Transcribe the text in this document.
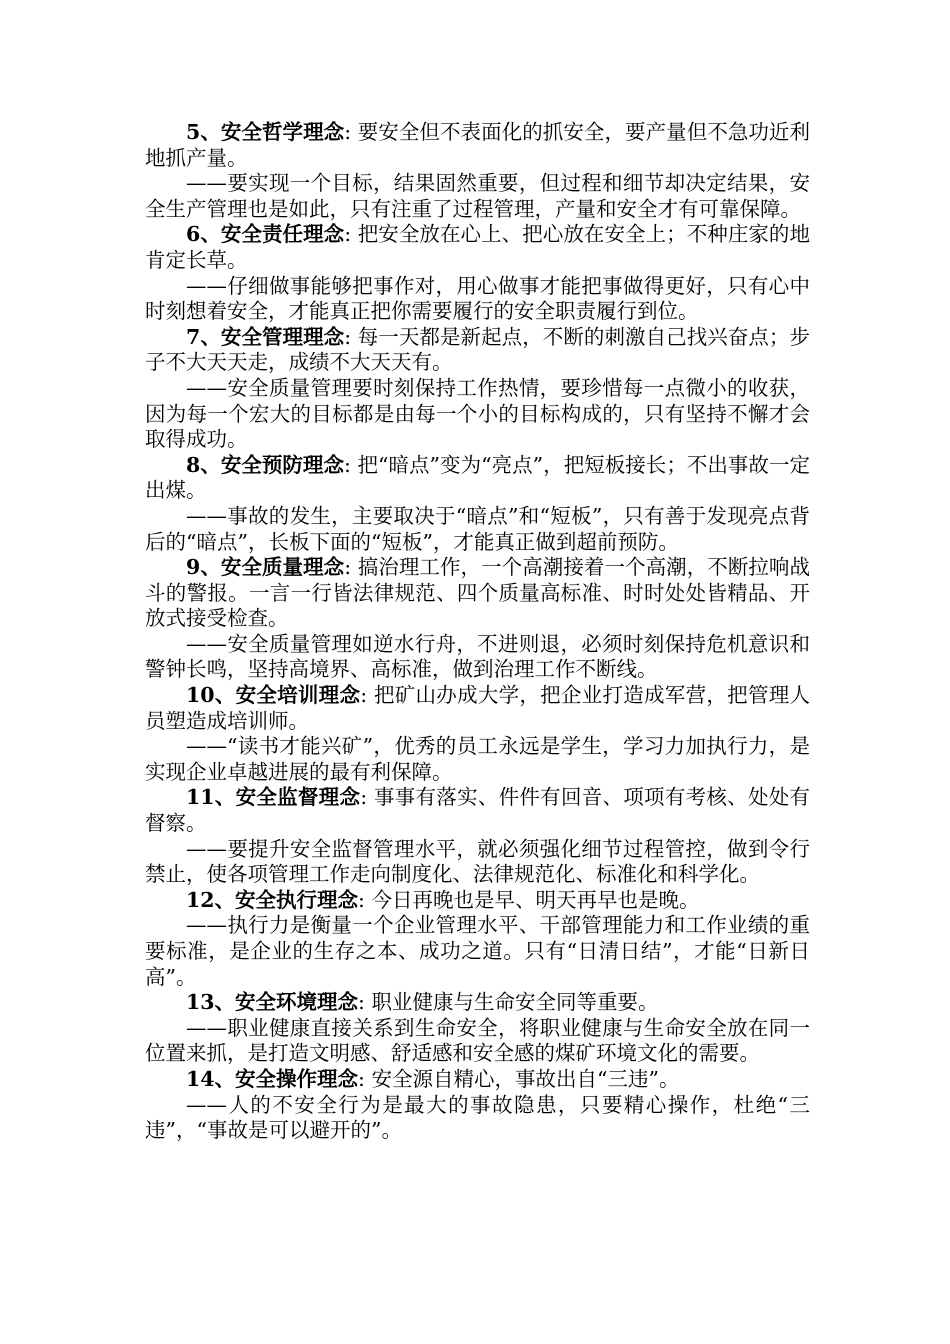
5、安全哲学理念: 要安全但不表面化的抓安全，要产量但不急功近利地抓产量。

——要实现一个目标，结果固然重要，但过程和细节却决定结果，安全生产管理也是如此，只有注重了过程管理，产量和安全才有可靠保障。

6、安全责任理念: 把安全放在心上、把心放在安全上；不种庄家的地肯定长草。

——仔细做事能够把事作对，用心做事才能把事做得更好，只有心中时刻想着安全，才能真正把你需要履行的安全职责履行到位。

7、安全管理理念: 每一天都是新起点，不断的刺激自己找兴奋点；步子不大天天走，成绩不大天天有。

——安全质量管理要时刻保持工作热情，要珍惜每一点微小的收获，因为每一个宏大的目标都是由每一个小的目标构成的，只有坚持不懈才会取得成功。

8、安全预防理念: 把“暗点”变为“亮点”，把短板接长；不出事故一定出煤。

——事故的发生，主要取决于“暗点”和“短板”，只有善于发现亮点背后的“暗点”，长板下面的“短板”，才能真正做到超前预防。

9、安全质量理念: 搞治理工作，一个高潮接着一个高潮，不断拉响战斗的警报。一言一行皆法律规范、四个质量高标准、时时处处皆精品、开放式接受检查。

——安全质量管理如逆水行舟，不进则退，必须时刻保持危机意识和警钟长鸣，坚持高境界、高标准，做到治理工作不断线。

10、安全培训理念: 把矿山办成大学，把企业打造成军营，把管理人员塑造成培训师。

——“读书才能兴矿”，优秀的员工永远是学生，学习力加执行力，是实现企业卓越进展的最有利保障。

11、安全监督理念: 事事有落实、件件有回音、项项有考核、处处有督察。

——要提升安全监督管理水平，就必须强化细节过程管控，做到令行禁止，使各项管理工作走向制度化、法律规范化、标准化和科学化。

12、安全执行理念: 今日再晚也是早、明天再早也是晚。

——执行力是衡量一个企业管理水平、干部管理能力和工作业绩的重要标准，是企业的生存之本、成功之道。只有“日清日结”，才能“日新日高”。

13、安全环境理念: 职业健康与生命安全同等重要。

——职业健康直接关系到生命安全，将职业健康与生命安全放在同一位置来抓，是打造文明感、舒适感和安全感的煤矿环境文化的需要。

14、安全操作理念: 安全源自精心，事故出自“三违”。

——人的不安全行为是最大的事故隐患，只要精心操作，杜绝“三违”，“事故是可以避开的”。
